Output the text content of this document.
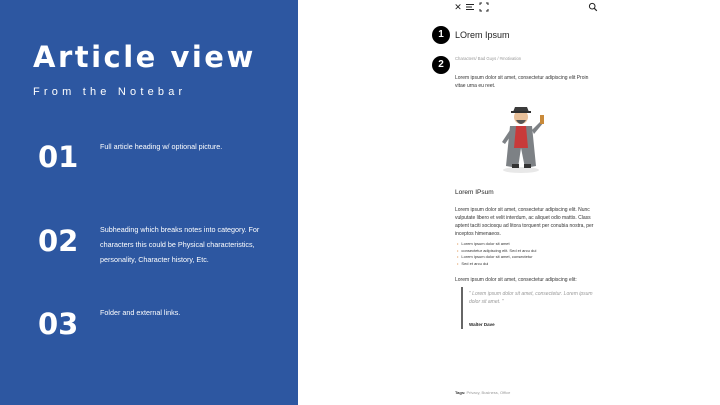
Article view
From the Notebar
01	Full article heading w/ optional picture.
02	Subheading which breaks notes into category. For characters this could be Physical characteristics, personality, Character history, Etc.
03	Folder and external links.
✕
1
2
LOrem Ipsum
Characters/ Bad Guys / #motivation
Lorem ipsum dolor sit amet, consectetur adipiscing elit Proin vitae urna eu reet.
Lorem IPsum
Lorem ipsum dolor sit amet, consectetur adipiscing elit. Nunc vulputate libero et velit interdum, ac aliquet odio mattis. Class aptent taciti sociosqu ad litora torquent per conubia nostra, per inceptos himenaeos.
• Lorem ipsum dolor sit amet
• consectetur adipiscing elit. Sed et arcu dui
• Lorem ipsum dolor sit amet, consectetur
• Sed et arcu dui
Lorem ipsum dolor sit amet, consectetur adipiscing elit:
" Lorem ipsum dolor sit amet, consectetur. Lorem ipsum dolor sit amet. "
Walter Dave
Tags: Privacy, Business, Office
